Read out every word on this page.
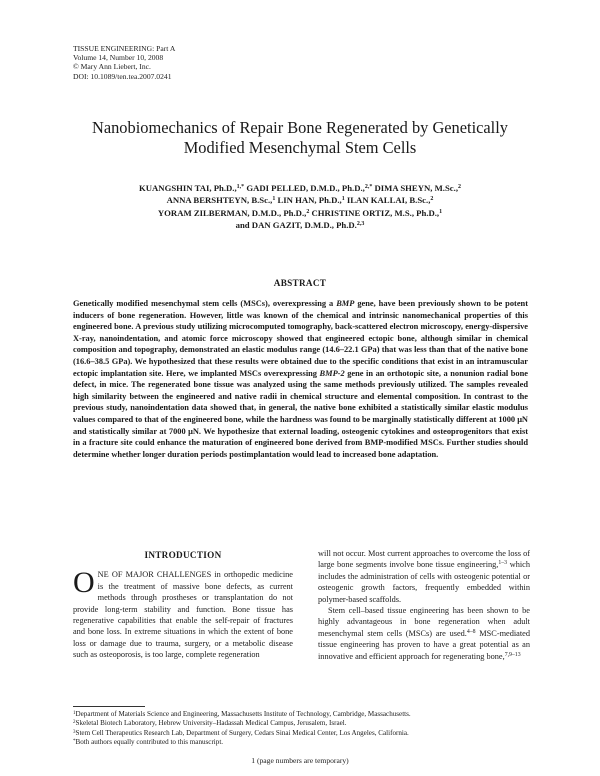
TISSUE ENGINEERING: Part A
Volume 14, Number 10, 2008
© Mary Ann Liebert, Inc.
DOI: 10.1089/ten.tea.2007.0241
Nanobiomechanics of Repair Bone Regenerated by Genetically
Modified Mesenchymal Stem Cells
KUANGSHIN TAI, Ph.D.,$^{1,*}$ GADI PELLED, D.M.D., Ph.D.,$^{2,*}$ DIMA SHEYN, M.Sc.,$^2$
ANNA BERSHTEYN, B.Sc.,$^1$ LIN HAN, Ph.D.,$^1$ ILAN KALLAI, B.Sc.,$^2$
YORAM ZILBERMAN, D.M.D., Ph.D.,$^2$ CHRISTINE ORTIZ, M.S., Ph.D.,$^1$
and DAN GAZIT, D.M.D., Ph.D.$^{2,3}$
ABSTRACT
Genetically modified mesenchymal stem cells (MSCs), overexpressing a BMP gene, have been previously shown to be potent inducers of bone regeneration. However, little was known of the chemical and intrinsic nanomechanical properties of this engineered bone. A previous study utilizing microcomputed tomography, back-scattered electron microscopy, energy-dispersive X-ray, nanoindentation, and atomic force microscopy showed that engineered ectopic bone, although similar in chemical composition and topography, demonstrated an elastic modulus range (14.6–22.1 GPa) that was less than that of the native bone (16.6–38.5 GPa). We hypothesized that these results were obtained due to the specific conditions that exist in an intramuscular ectopic implantation site. Here, we implanted MSCs overexpressing BMP-2 gene in an orthotopic site, a nonunion radial bone defect, in mice. The regenerated bone tissue was analyzed using the same methods previously utilized. The samples revealed high similarity between the engineered and native radii in chemical structure and elemental composition. In contrast to the previous study, nanoindentation data showed that, in general, the native bone exhibited a statistically similar elastic modulus values compared to that of the engineered bone, while the hardness was found to be marginally statistically different at 1000 μN and statistically similar at 7000 μN. We hypothesize that external loading, osteogenic cytokines and osteoprogenitors that exist in a fracture site could enhance the maturation of engineered bone derived from BMP-modified MSCs. Further studies should determine whether longer duration periods postimplantation would lead to increased bone adaptation.
INTRODUCTION
ONE OF MAJOR CHALLENGES in orthopedic medicine is the treatment of massive bone defects, as current methods through prostheses or transplantation do not provide long-term stability and function. Bone tissue has regenerative capabilities that enable the self-repair of fractures and bone loss. In extreme situations in which the extent of bone loss or damage due to trauma, surgery, or a metabolic disease such as osteoporosis, is too large, complete regeneration
will not occur. Most current approaches to overcome the loss of large bone segments involve bone tissue engineering,$^{1-3}$ which includes the administration of cells with osteogenic potential or osteogenic growth factors, frequently embedded within polymer-based scaffolds.
Stem cell–based tissue engineering has been shown to be highly advantageous in bone regeneration when adult mesenchymal stem cells (MSCs) are used.$^{4-8}$ MSC-mediated tissue engineering has proven to have a great potential as an innovative and efficient approach for regenerating bone,$^{7,9-13}$
$^1$Department of Materials Science and Engineering, Massachusetts Institute of Technology, Cambridge, Massachusetts.
$^2$Skeletal Biotech Laboratory, Hebrew University–Hadassah Medical Campus, Jerusalem, Israel.
$^3$Stem Cell Therapeutics Research Lab, Department of Surgery, Cedars Sinai Medical Center, Los Angeles, California.
*Both authors equally contributed to this manuscript.
1 (page numbers are temporary)
